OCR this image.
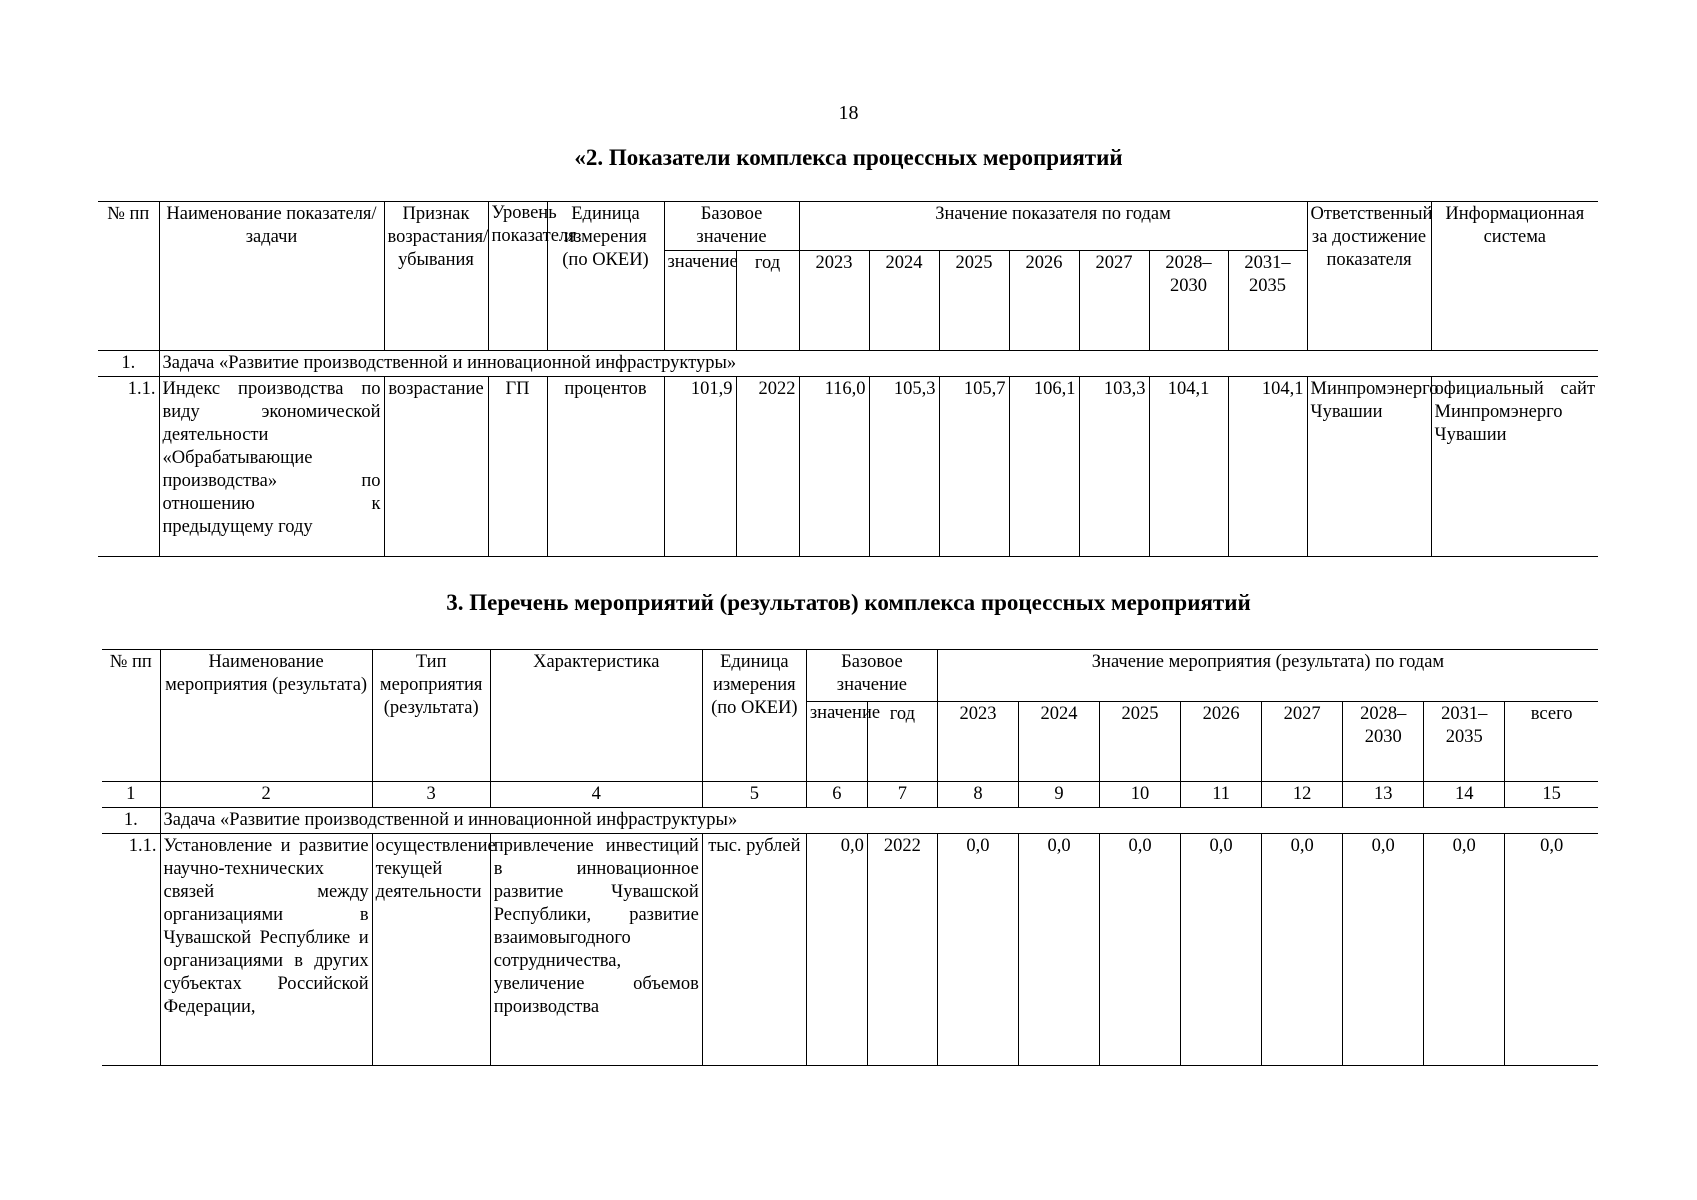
18
«2. Показатели комплекса процессных мероприятий
№ пп	Наименование показателя/задачи	Признак возрастания/ убывания	Уровень показателя	Единица измерения (по ОКЕИ)	Базовое значение		Значение показателя по годам							Ответственный за достижение показателя	Информационная система
					значение	год	2023	2024	2025	2026	2027	2028–2030	2031–2035		
1.	Задача «Развитие производственной и инновационной инфраструктуры»														
1.1.	Индекс производства по виду экономической деятельности «Обрабатывающие производства» по отношению к предыдущему году	возрастание	ГП	процентов	101,9	2022	116,0	105,3	105,7	106,1	103,3	104,1	104,1	Минпромэнерго Чувашии	официальный сайт Минпромэнерго Чувашии
3. Перечень мероприятий (результатов) комплекса процессных мероприятий
№ пп	Наименование мероприятия (результата)	Тип мероприятия (результата)	Характеристика	Единица измерения (по ОКЕИ)	Базовое значение		Значение мероприятия (результата) по годам							
					значение	год	2023	2024	2025	2026	2027	2028–2030	2031–2035	всего
1	2	3	4	5	6	7	8	9	10	11	12	13	14	15
1.	Задача «Развитие производственной и инновационной инфраструктуры»													
1.1.	Установление и развитие научно-технических связей между организациями в Чувашской Республике и организациями в других субъектах Российской Федерации,	осуществление текущей деятельности	привлечение инвестиций в инновационное развитие Чувашской Республики, развитие взаимовыгодного сотрудничества, увеличение объемов производства	тыс. рублей	0,0	2022	0,0	0,0	0,0	0,0	0,0	0,0	0,0	0,0
